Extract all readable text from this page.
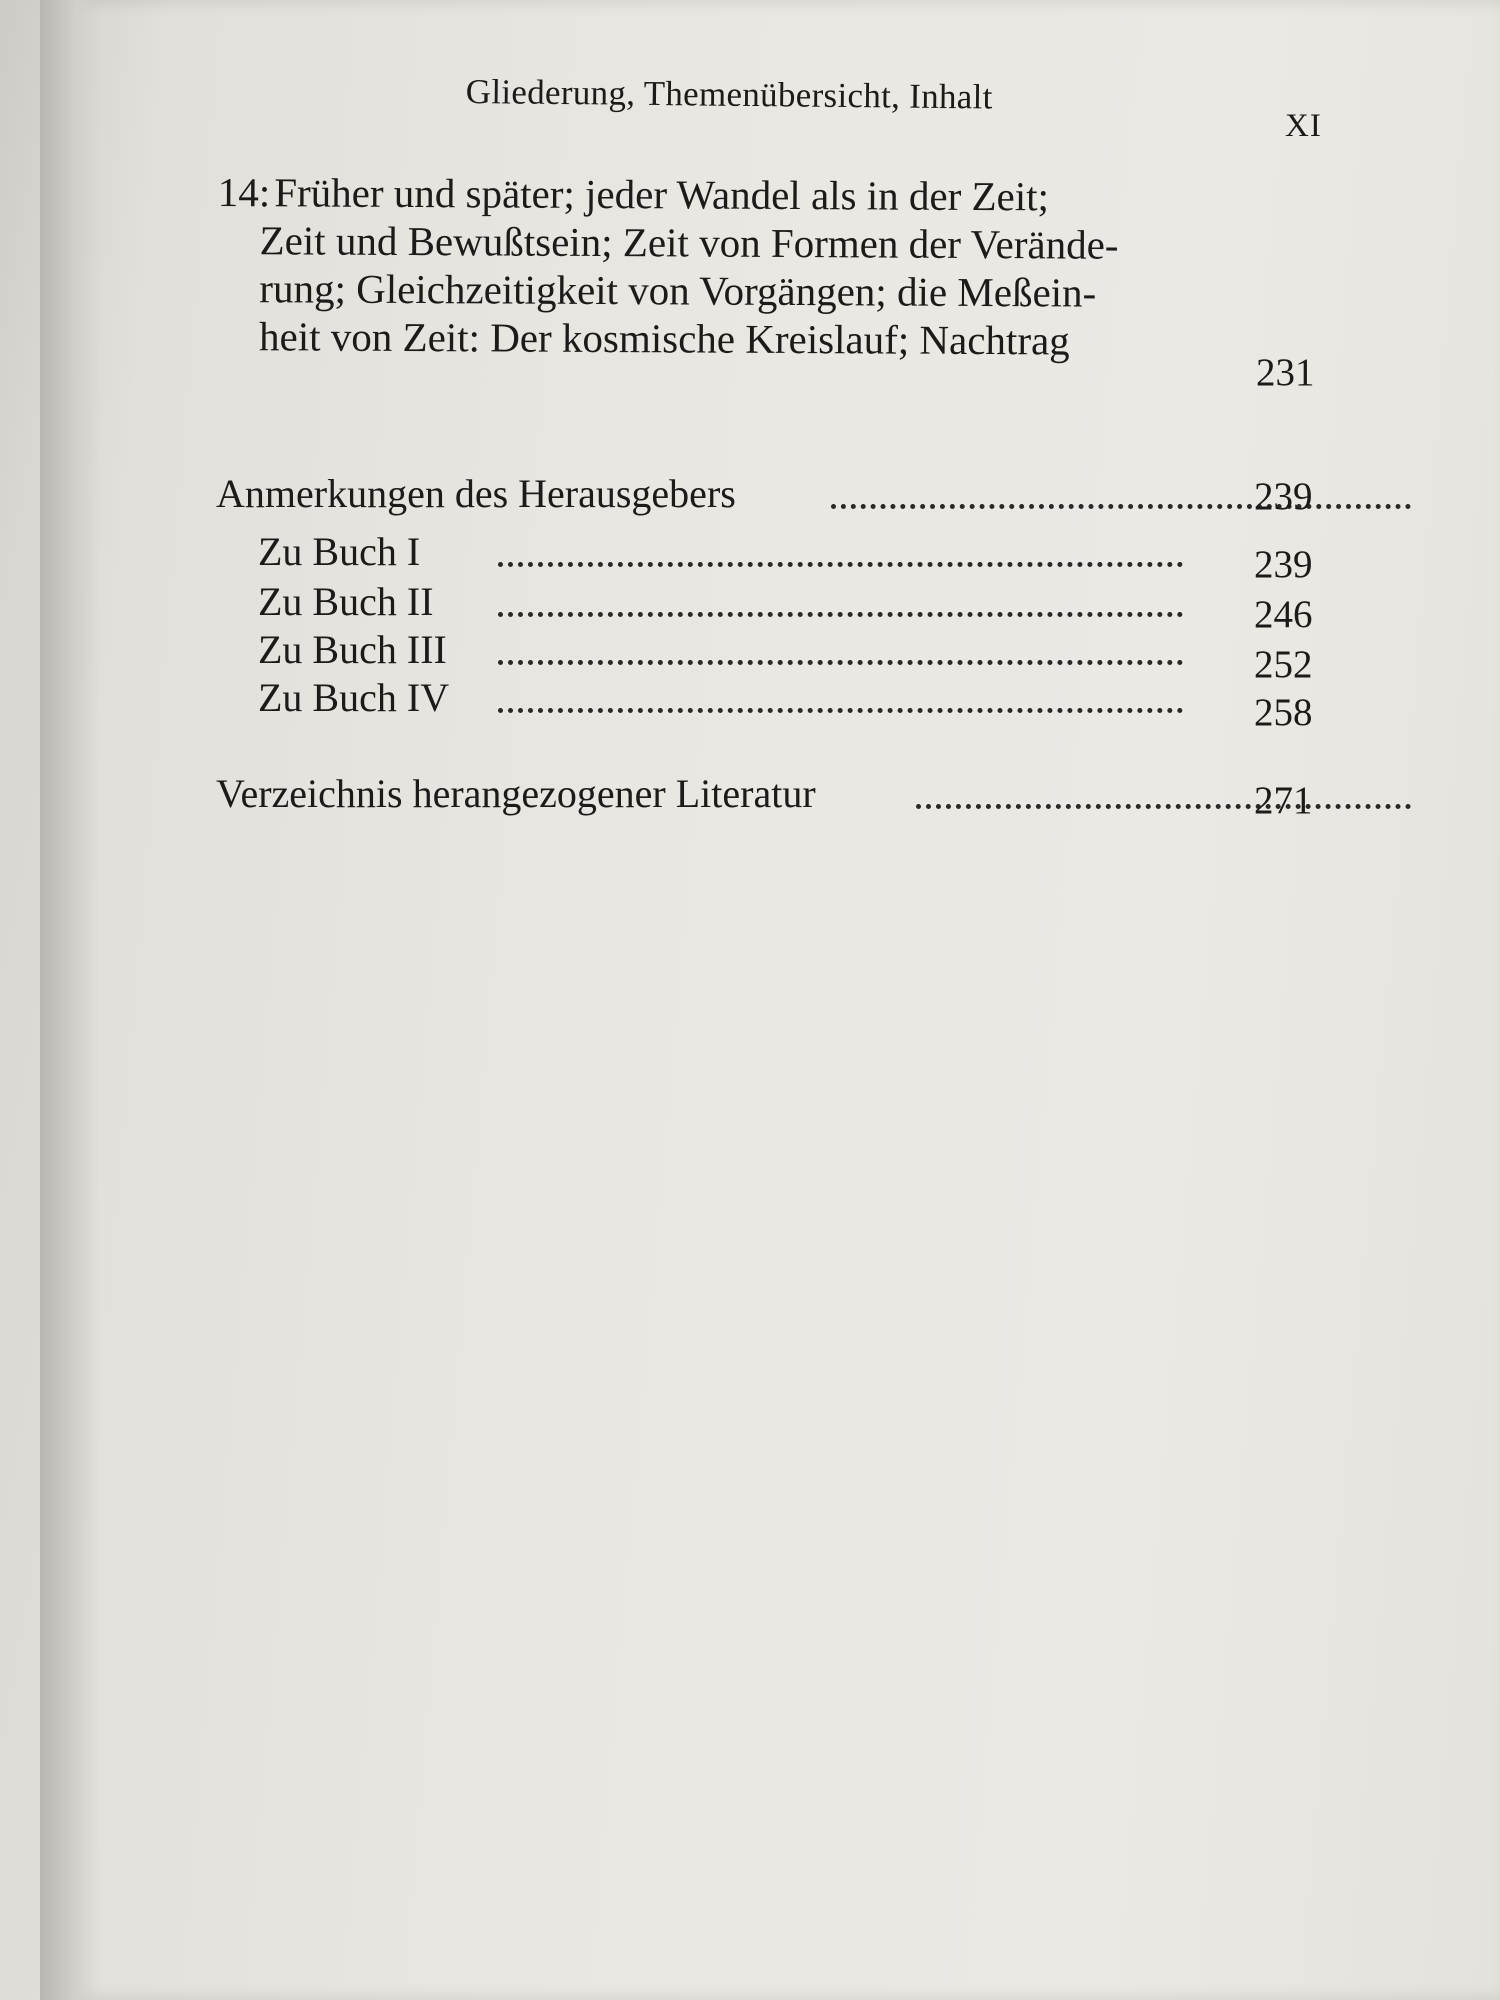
Gliederung, Themenübersicht, Inhalt
XI
14:Früher und später; jeder Wandel als in der Zeit;
Zeit und Bewußtsein; Zeit von Formen der Verände-
rung; Gleichzeitigkeit von Vorgängen; die Meßein-
heit von Zeit: Der kosmische Kreislauf; Nachtrag
231
Anmerkungen des Herausgebers	239
Zu Buch I	239
Zu Buch II	246
Zu Buch III	252
Zu Buch IV	258
Verzeichnis herangezogener Literatur	271
